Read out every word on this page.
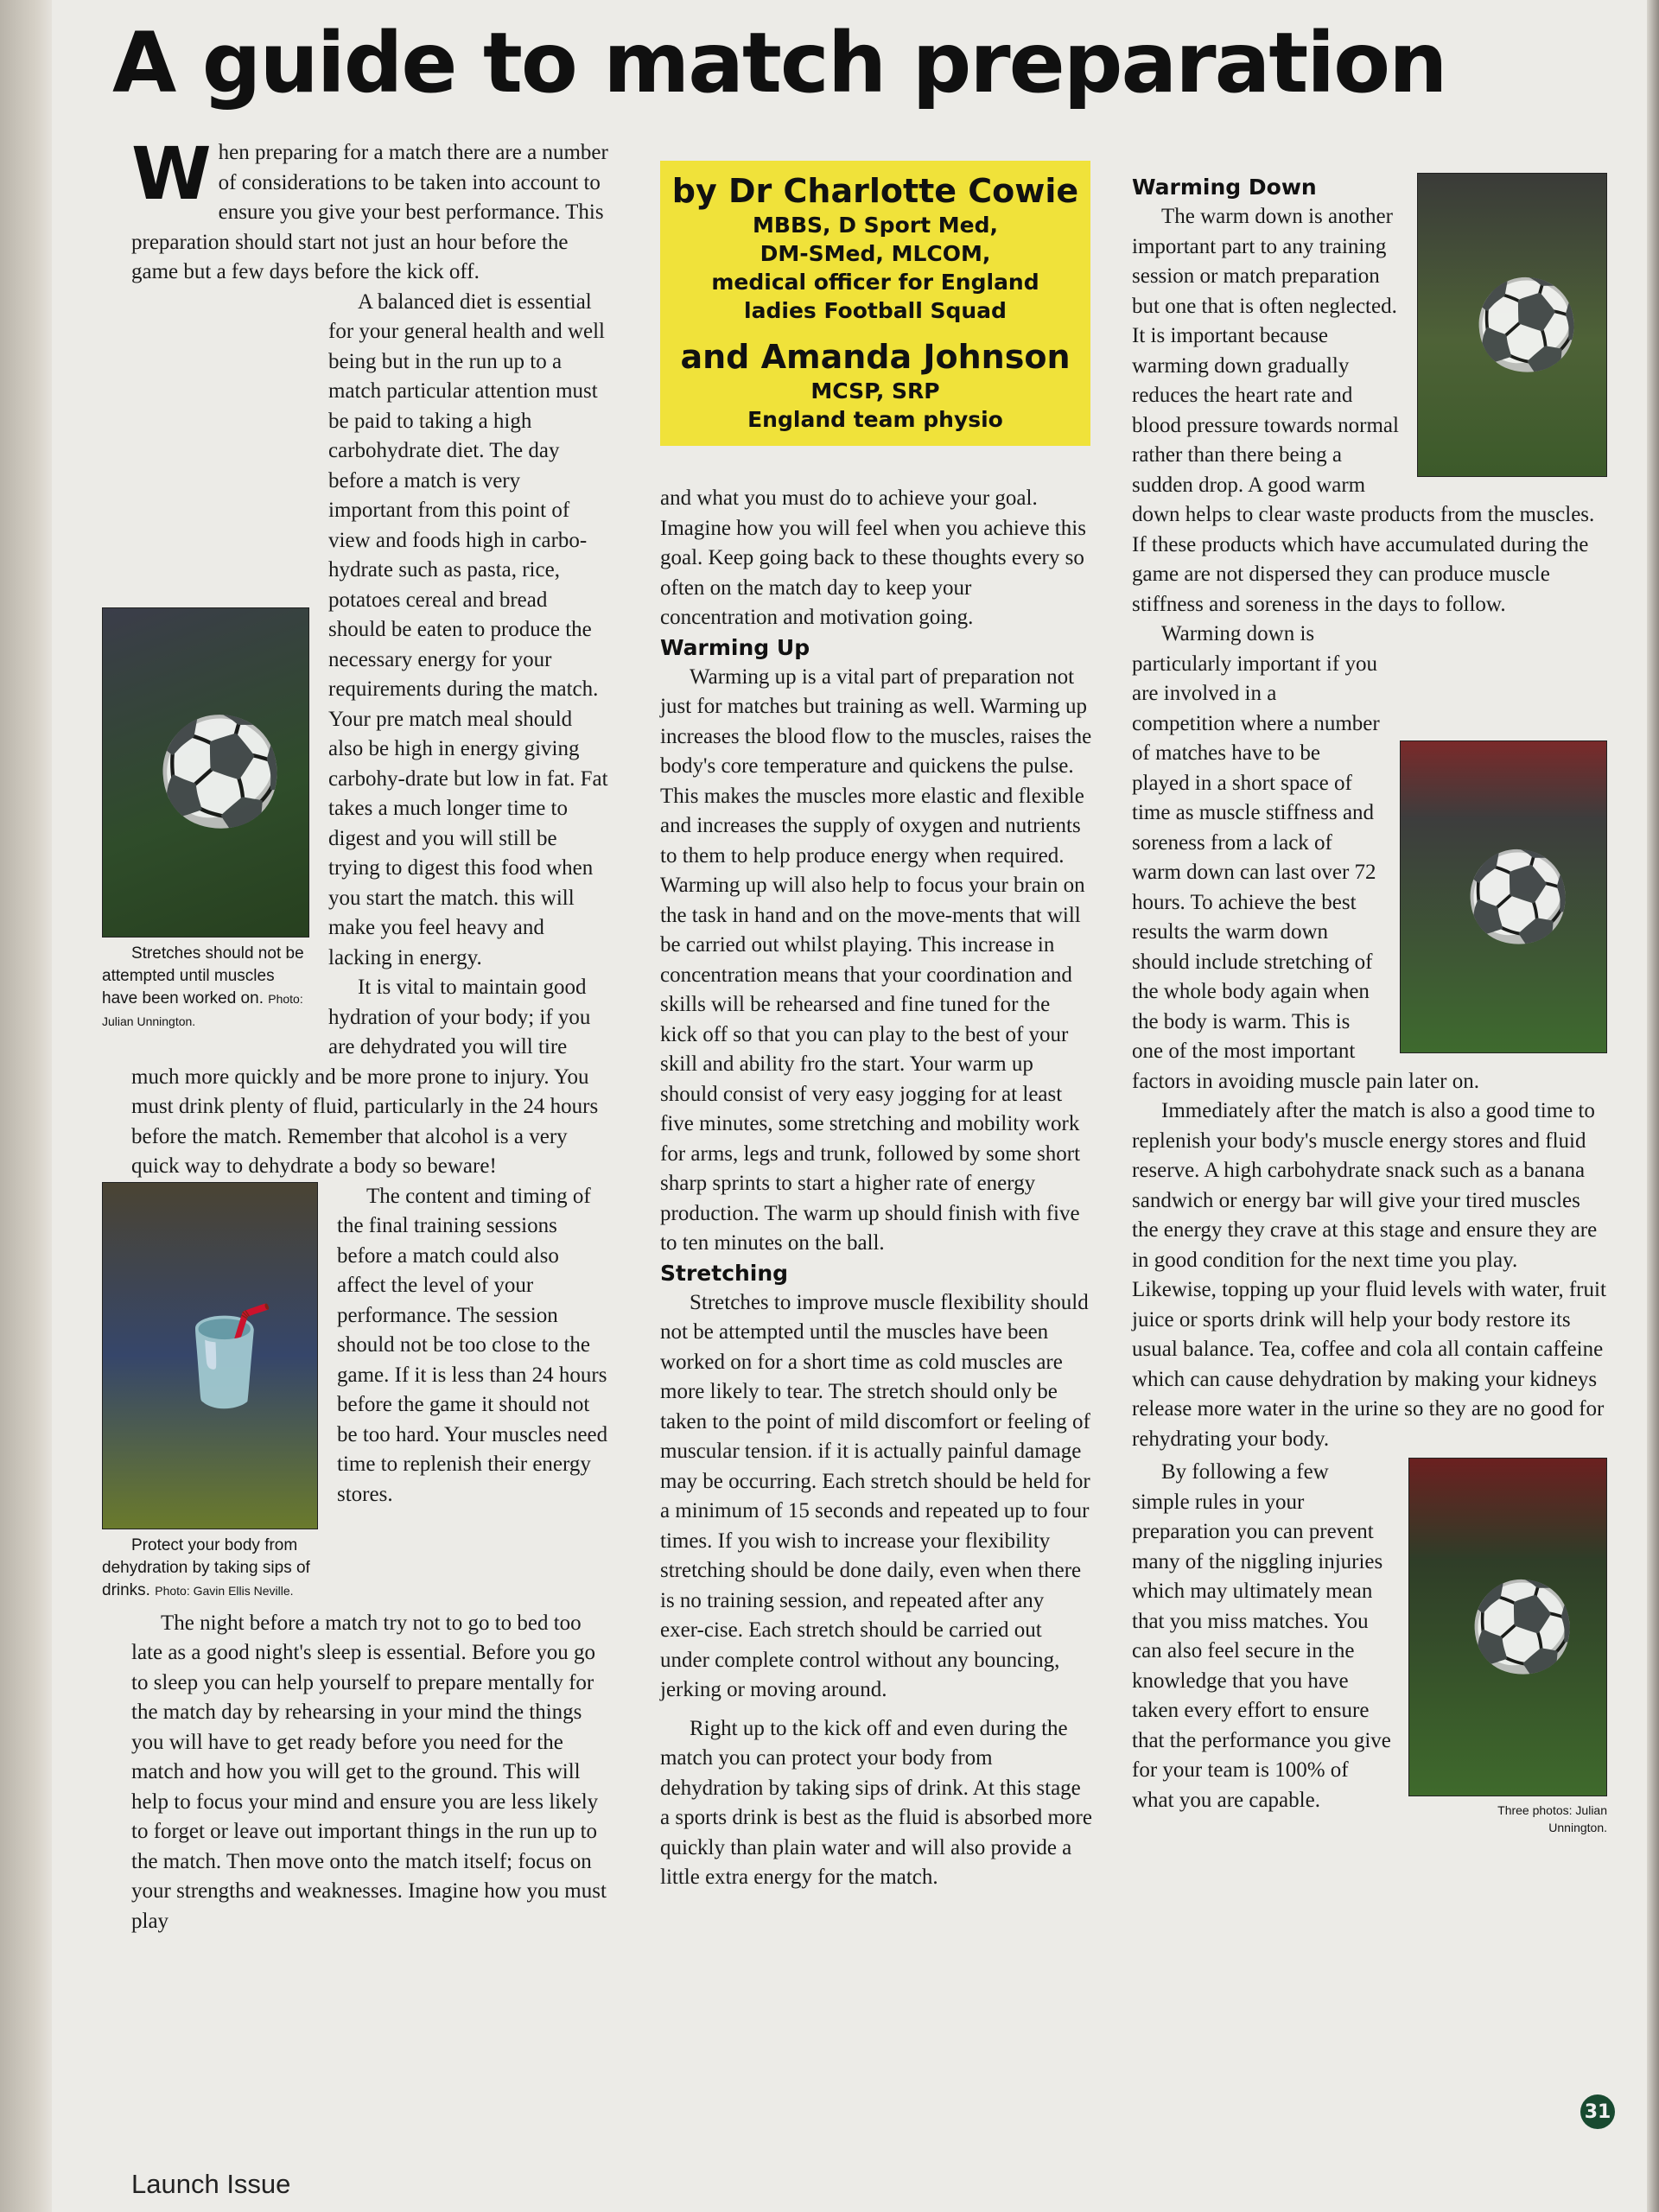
A guide to match preparation

When preparing for a match there are a number of considerations to be taken into account to ensure you give your best performance. This preparation should start not just an hour before the game but a few days before the kick off.

⚽
Stretches should not be attempted until muscles have been worked on. Photo: Julian Unnington.
A balanced diet is essential for your general health and well being but in the run up to a match particular attention must be paid to taking a high carbohydrate diet. The day before a match is very important from this point of view and foods high in carbo-hydrate such as pasta, rice, potatoes cereal and bread should be eaten to produce the necessary energy for your requirements during the match. Your pre match meal should also be high in energy giving carbohy-drate but low in fat. Fat takes a much longer time to digest and you will still be trying to digest this food when you start the match. this will make you feel heavy and lacking in energy.

It is vital to maintain good hydration of your body; if you are dehydrated you will tire much more quickly and be more prone to injury. You must drink plenty of fluid, particularly in the 24 hours before the match. Remember that alcohol is a very quick way to dehydrate a body so beware!

🥤
Protect your body from dehydration by taking sips of drinks. Photo: Gavin Ellis Neville.
The content and timing of the final training sessions before a match could also affect the level of your performance. The session should not be too close to the game. If it is less than 24 hours before the game it should not be too hard. Your muscles need time to replenish their energy stores.

The night before a match try not to go to bed too late as a good night's sleep is essential. Before you go to sleep you can help yourself to prepare mentally for the match day by rehearsing in your mind the things you will have to get ready before you need for the match and how you will get to the ground. This will help to focus your mind and ensure you are less likely to forget or leave out important things in the run up to the match. Then move onto the match itself; focus on your strengths and weaknesses. Imagine how you must play

by Dr Charlotte Cowie
MBBS, D Sport Med,
DM-SMed, MLCOM,
medical officer for England
ladies Football Squad
and Amanda Johnson
MCSP, SRP
England team physio

and what you must do to achieve your goal. Imagine how you will feel when you achieve this goal. Keep going back to these thoughts every so often on the match day to keep your concentration and motivation going.

Warming Up

Warming up is a vital part of preparation not just for matches but training as well. Warming up increases the blood flow to the muscles, raises the body's core temperature and quickens the pulse. This makes the muscles more elastic and flexible and increases the supply of oxygen and nutrients to them to help produce energy when required. Warming up will also help to focus your brain on the task in hand and on the move-ments that will be carried out whilst playing. This increase in concentration means that your coordination and skills will be rehearsed and fine tuned for the kick off so that you can play to the best of your skill and ability fro the start. Your warm up should consist of very easy jogging for at least five minutes, some stretching and mobility work for arms, legs and trunk, followed by some short sharp sprints to start a higher rate of energy production. The warm up should finish with five to ten minutes on the ball.

Stretching

Stretches to improve muscle flexibility should not be attempted until the muscles have been worked on for a short time as cold muscles are more likely to tear. The stretch should only be taken to the point of mild discomfort or feeling of muscular tension. if it is actually painful damage may be occurring. Each stretch should be held for a minimum of 15 seconds and repeated up to four times. If you wish to increase your flexibility stretching should be done daily, even when there is no training session, and repeated after any exer-cise. Each stretch should be carried out under complete control without any bouncing, jerking or moving around.

Right up to the kick off and even during the match you can protect your body from dehydration by taking sips of drink. At this stage a sports drink is best as the fluid is absorbed more quickly than plain water and will also provide a little extra energy for the match.

Warming Down

⚽
The warm down is another important part to any training session or match preparation but one that is often neglected. It is important because warming down gradually reduces the heart rate and blood pressure towards normal rather than there being a sudden drop. A good warm down helps to clear waste products from the muscles. If these products which have accumulated during the game are not dispersed they can produce muscle stiffness and soreness in the days to follow.

⚽
Warming down is particularly important if you are involved in a competition where a number of matches have to be played in a short space of time as muscle stiffness and soreness from a lack of warm down can last over 72 hours. To achieve the best results the warm down should include stretching of the whole body again when the body is warm. This is one of the most important factors in avoiding muscle pain later on.

Immediately after the match is also a good time to replenish your body's muscle energy stores and fluid reserve. A high carbohydrate snack such as a banana sandwich or energy bar will give your tired muscles the energy they crave at this stage and ensure they are in good condition for the next time you play. Likewise, topping up your fluid levels with water, fruit juice or sports drink will help your body restore its usual balance. Tea, coffee and cola all contain caffeine which can cause dehydration by making your kidneys release more water in the urine so they are no good for rehydrating your body.

⚽
Three photos: Julian Unnington.
By following a few simple rules in your preparation you can prevent many of the niggling injuries which may ultimately mean that you miss matches. You can also feel secure in the knowledge that you have taken every effort to ensure that the performance you give for your team is 100% of what you are capable.

31
Launch Issue
